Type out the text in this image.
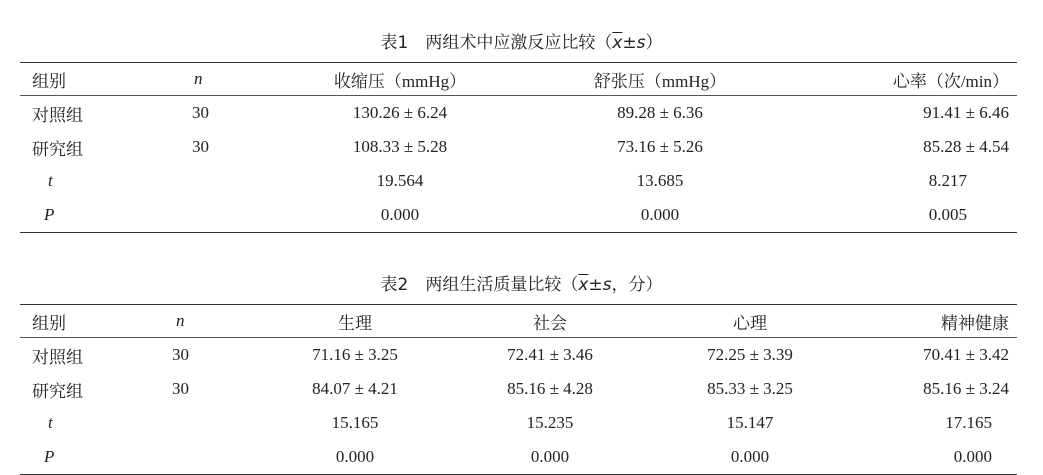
表1　两组术中应激反应比较$(\overline{x}\pm s)$
组别	n	收缩压（mmHg）	舒张压（mmHg）	心率（次/min）
对照组	30	130.26 ± 6.24	89.28 ± 6.36	91.41 ± 6.46
研究组	30	108.33 ± 5.28	73.16 ± 5.26	85.28 ± 4.54
t		19.564	13.685	8.217
P		0.000	0.000	0.005
表2　两组生活质量比较（$\overline{x}\pm s$，分）
组别	n	生理	社会	心理	精神健康
对照组	30	71.16 ± 3.25	72.41 ± 3.46	72.25 ± 3.39	70.41 ± 3.42
研究组	30	84.07 ± 4.21	85.16 ± 4.28	85.33 ± 3.25	85.16 ± 3.24
t		15.165	15.235	15.147	17.165
P		0.000	0.000	0.000	0.000
